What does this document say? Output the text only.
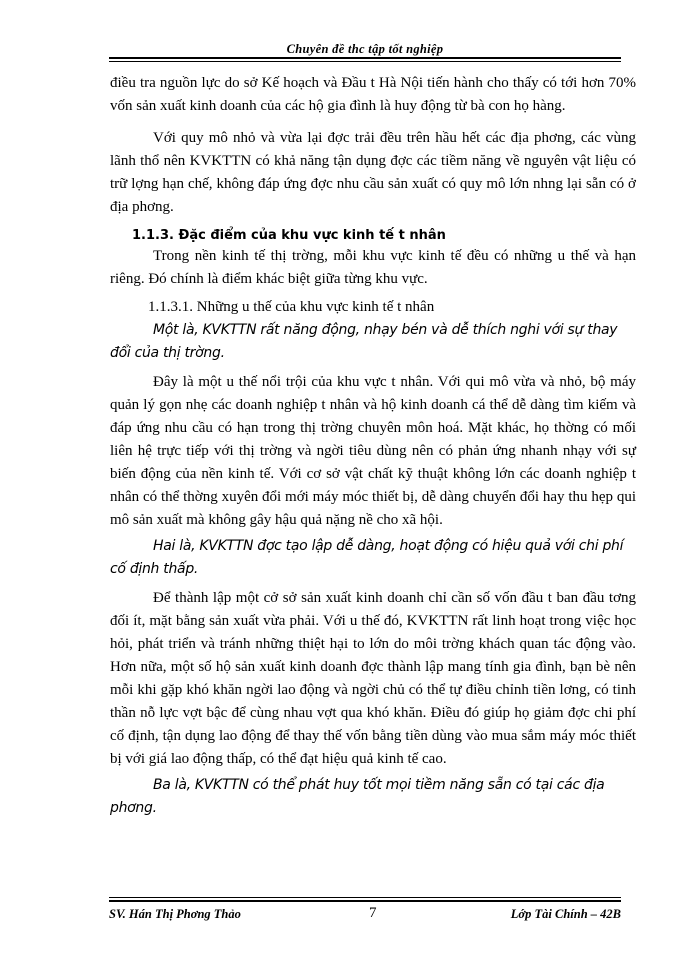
Chuyên đề thc tập tốt nghiệp

điều tra nguồn lực do sở Kế hoạch và Đầu t Hà Nội tiến hành cho thấy có tới hơn 70% vốn sản xuất kinh doanh của các hộ gia đình là huy động từ bà con họ hàng.

Với quy mô nhỏ và vừa lại đợc trải đều trên hầu hết các địa phơng, các vùng lãnh thổ nên KVKTTN có khả năng tận dụng đợc các tiềm năng về nguyên vật liệu có trữ lợng hạn chế, không đáp ứng đợc nhu cầu sản xuất có quy mô lớn nhng lại sẵn có ở địa phơng.

1.1.3. Đặc điểm của khu vực kinh tế t nhân

Trong nền kinh tế thị trờng, mỗi khu vực kinh tế đều có những u thế và hạn riêng. Đó chính là điểm khác biệt giữa từng khu vực.

1.1.3.1. Những u thế của khu vực kinh tế t nhân

Một là, KVKTTN rất năng động, nhạy bén và dễ thích nghi với sự thay đổi của thị trờng.

Đây là một u thế nổi trội của khu vực t nhân. Với qui mô vừa và nhỏ, bộ máy quản lý gọn nhẹ các doanh nghiệp t nhân và hộ kinh doanh cá thể dễ dàng tìm kiếm và đáp ứng nhu cầu có hạn trong thị trờng chuyên môn hoá. Mặt khác, họ thờng có mối liên hệ trực tiếp với thị trờng và ngời tiêu dùng nên có phản ứng nhanh nhạy với sự biến động của nền kinh tế. Với cơ sở vật chất kỹ thuật không lớn các doanh nghiệp t nhân có thể thờng xuyên đổi mới máy móc thiết bị, dễ dàng chuyển đổi hay thu hẹp qui mô sản xuất mà không gây hậu quả nặng nề cho xã hội.

Hai là, KVKTTN đợc tạo lập dễ dàng, hoạt động có hiệu quả với chi phí cố định thấp.

Để thành lập một cở sở sản xuất kinh doanh chỉ cần số vốn đầu t ban đầu tơng đối ít, mặt bằng sản xuất vừa phải. Với u thế đó, KVKTTN rất linh hoạt trong việc học hỏi, phát triển và tránh những thiệt hại to lớn do môi trờng khách quan tác động vào. Hơn nữa, một số hộ sản xuất kinh doanh đợc thành lập mang tính gia đình, bạn bè nên mỗi khi gặp khó khăn ngời lao động và ngời chủ có thể tự điều chỉnh tiền lơng, có tinh thần nỗ lực vợt bậc để cùng nhau vợt qua khó khăn. Điều đó giúp họ giảm đợc chi phí cố định, tận dụng lao động để thay thế vốn bằng tiền dùng vào mua sắm máy móc thiết bị với giá lao động thấp, có thể đạt hiệu quả kinh tế cao.

Ba là, KVKTTN có thể phát huy tốt mọi tiềm năng sẵn có tại các địa phơng.

SV. Hán Thị Phơng Thảo	7	Lớp Tài Chính – 42B
